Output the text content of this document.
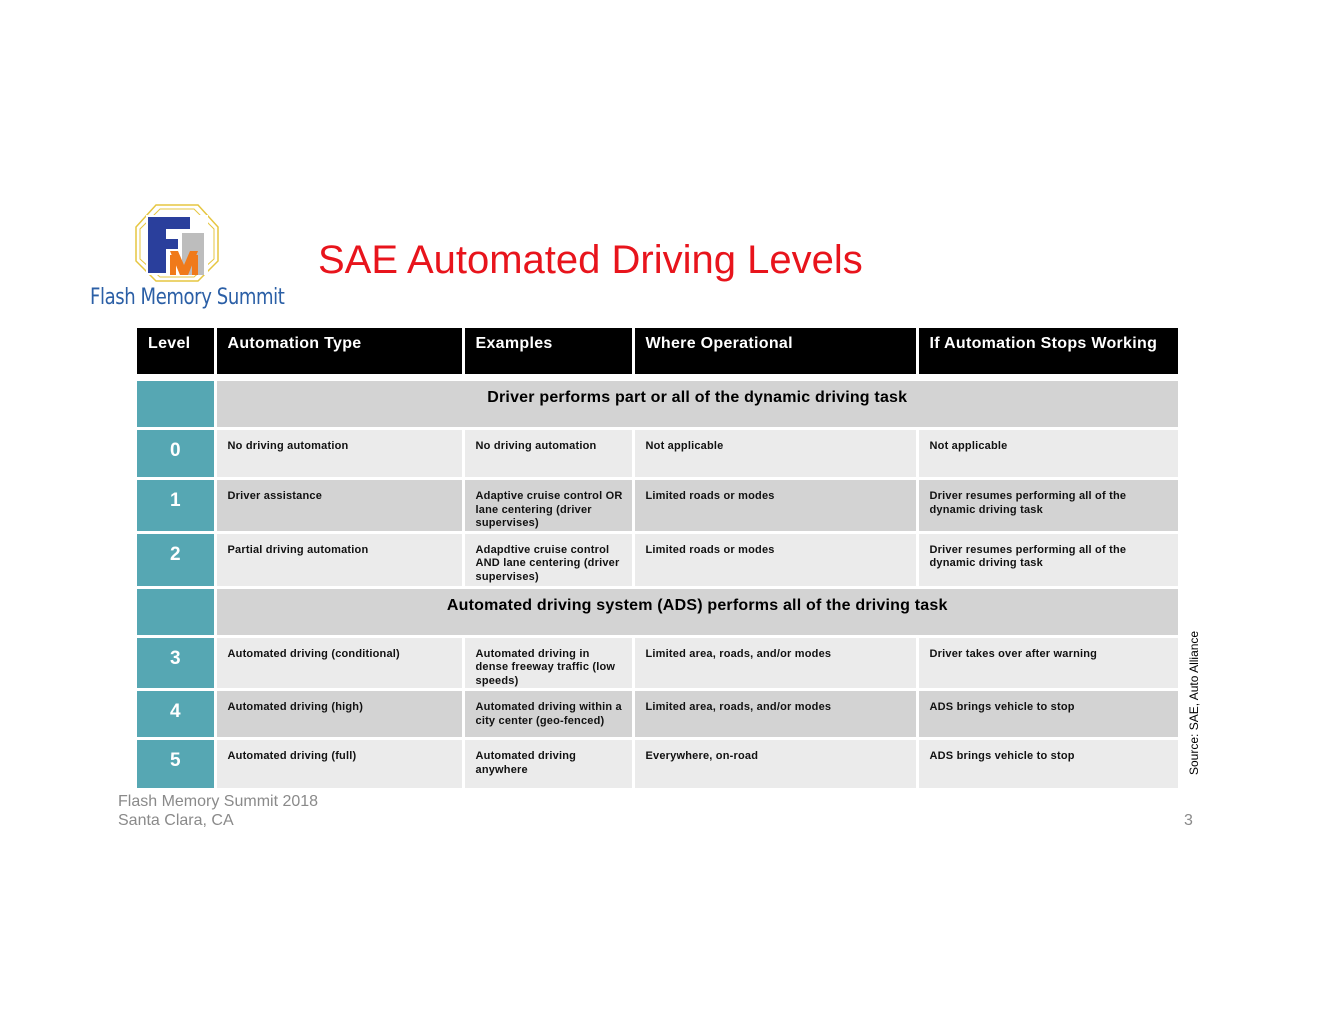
Flash Memory Summit
SAE Automated Driving Levels
Level	Automation Type	Examples	Where Operational	If Automation Stops Working

	Driver performs part or all of the dynamic driving task			
0	No driving automation	No driving automation	Not applicable	Not applicable
1	Driver assistance	Adaptive cruise control OR lane centering (driver supervises)	Limited roads or modes	Driver resumes performing all of the dynamic driving task
2	Partial driving automation	Adapdtive cruise control AND lane centering (driver supervises)	Limited roads or modes	Driver resumes performing all of the dynamic driving task
	Automated driving system (ADS) performs all of the driving task			
3	Automated driving (conditional)	Automated driving in dense freeway traffic (low speeds)	Limited area, roads, and/or modes	Driver takes over after warning
4	Automated driving (high)	Automated driving within a city center (geo-fenced)	Limited area, roads, and/or modes	ADS brings vehicle to stop
5	Automated driving (full)	Automated driving anywhere	Everywhere, on-road	ADS brings vehicle to stop	Source: SAE, Auto Alliance
Flash Memory Summit 2018
Santa Clara, CA	3
